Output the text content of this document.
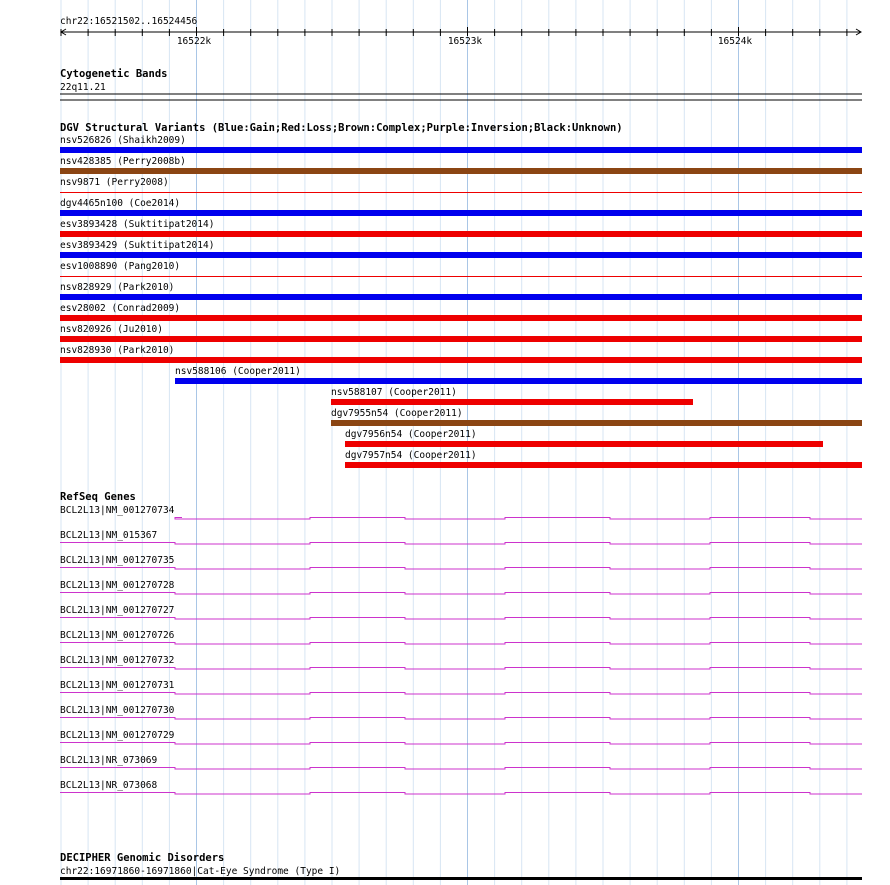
chr22:16521502..16524456
16522k	16523k	16524k
Cytogenetic Bands
22q11.21
DGV Structural Variants (Blue:Gain;Red:Loss;Brown:Complex;Purple:Inversion;Black:Unknown)
nsv526826 (Shaikh2009)
nsv428385 (Perry2008b)
nsv9871 (Perry2008)
dgv4465n100 (Coe2014)
esv3893428 (Suktitipat2014)
esv3893429 (Suktitipat2014)
esv1008890 (Pang2010)
nsv828929 (Park2010)
esv28002 (Conrad2009)
nsv820926 (Ju2010)
nsv828930 (Park2010)
nsv588106 (Cooper2011)
nsv588107 (Cooper2011)
dgv7955n54 (Cooper2011)
dgv7956n54 (Cooper2011)
dgv7957n54 (Cooper2011)
RefSeq Genes
BCL2L13|NM_001270734
BCL2L13|NM_015367
BCL2L13|NM_001270735
BCL2L13|NM_001270728
BCL2L13|NM_001270727
BCL2L13|NM_001270726
BCL2L13|NM_001270732
BCL2L13|NM_001270731
BCL2L13|NM_001270730
BCL2L13|NM_001270729
BCL2L13|NR_073069
BCL2L13|NR_073068
DECIPHER Genomic Disorders
chr22:16971860-16971860|Cat-Eye Syndrome (Type I)
